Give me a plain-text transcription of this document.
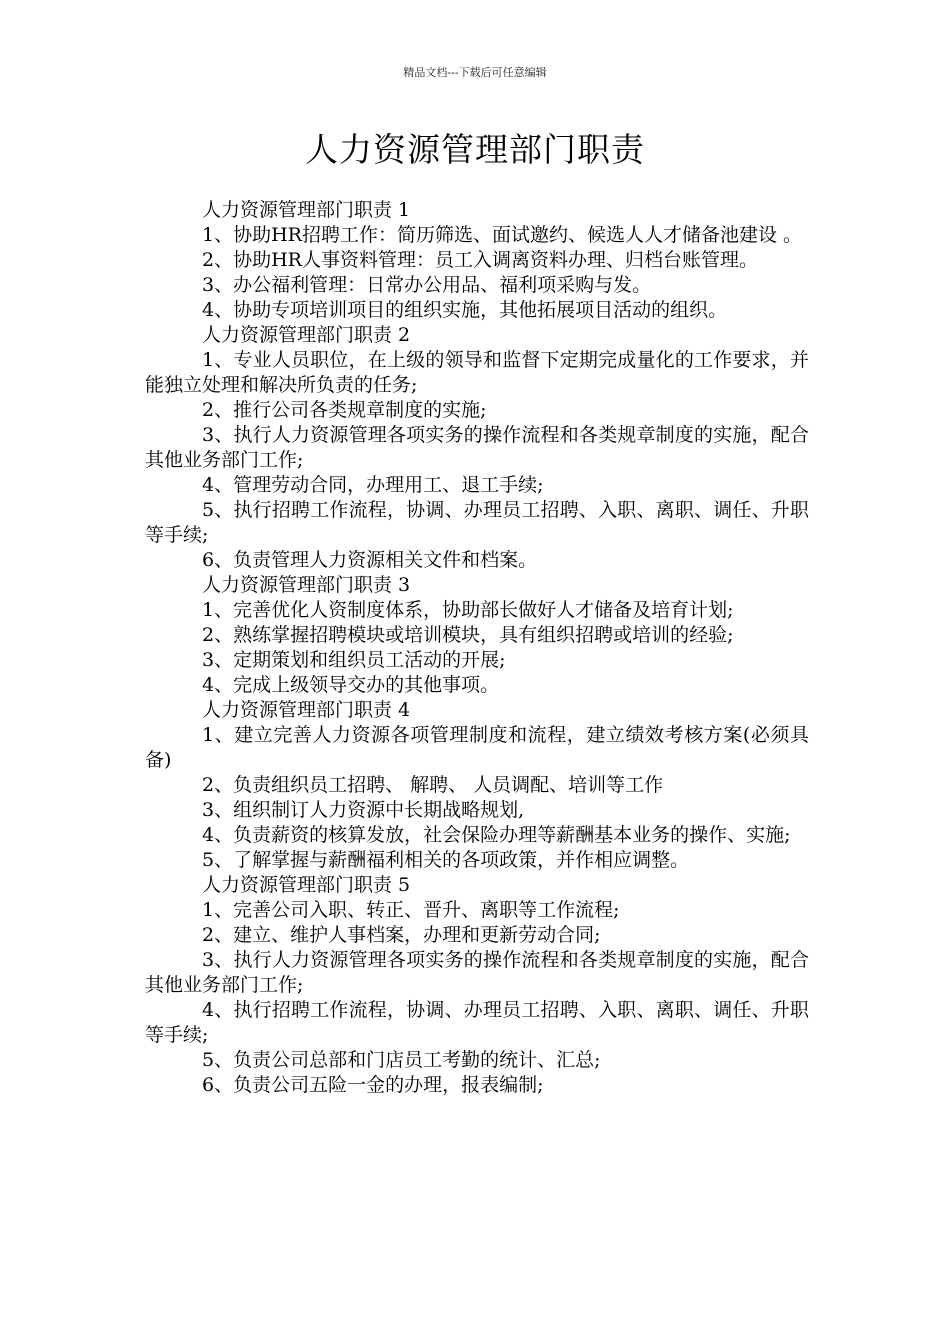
精品文档---下载后可任意编辑
人力资源管理部门职责

人力资源管理部门职责 1

1、协助HR招聘工作：简历筛选、面试邀约、候选人人才储备池建设 。

2、协助HR人事资料管理：员工入调离资料办理、归档台账管理。

3、办公福利管理：日常办公用品、福利项采购与发。

4、协助专项培训项目的组织实施，其他拓展项目活动的组织。

人力资源管理部门职责 2

1、专业人员职位，在上级的领导和监督下定期完成量化的工作要求，并能独立处理和解决所负责的任务;

2、推行公司各类规章制度的实施;

3、执行人力资源管理各项实务的操作流程和各类规章制度的实施，配合其他业务部门工作;

4、管理劳动合同，办理用工、退工手续;

5、执行招聘工作流程，协调、办理员工招聘、入职、离职、调任、升职等手续;

6、负责管理人力资源相关文件和档案。

人力资源管理部门职责 3

1、完善优化人资制度体系，协助部长做好人才储备及培育计划;

2、熟练掌握招聘模块或培训模块，具有组织招聘或培训的经验;

3、定期策划和组织员工活动的开展;

4、完成上级领导交办的其他事项。

人力资源管理部门职责 4

1、建立完善人力资源各项管理制度和流程，建立绩效考核方案(必须具备)

2、负责组织员工招聘、 解聘、 人员调配、培训等工作

3、组织制订人力资源中长期战略规划,

4、负责薪资的核算发放，社会保险办理等薪酬基本业务的操作、实施;

5、了解掌握与薪酬福利相关的各项政策，并作相应调整。

人力资源管理部门职责 5

1、完善公司入职、转正、晋升、离职等工作流程;

2、建立、维护人事档案，办理和更新劳动合同;

3、执行人力资源管理各项实务的操作流程和各类规章制度的实施，配合其他业务部门工作;

4、执行招聘工作流程，协调、办理员工招聘、入职、离职、调任、升职等手续;

5、负责公司总部和门店员工考勤的统计、汇总;

6、负责公司五险一金的办理，报表编制;
